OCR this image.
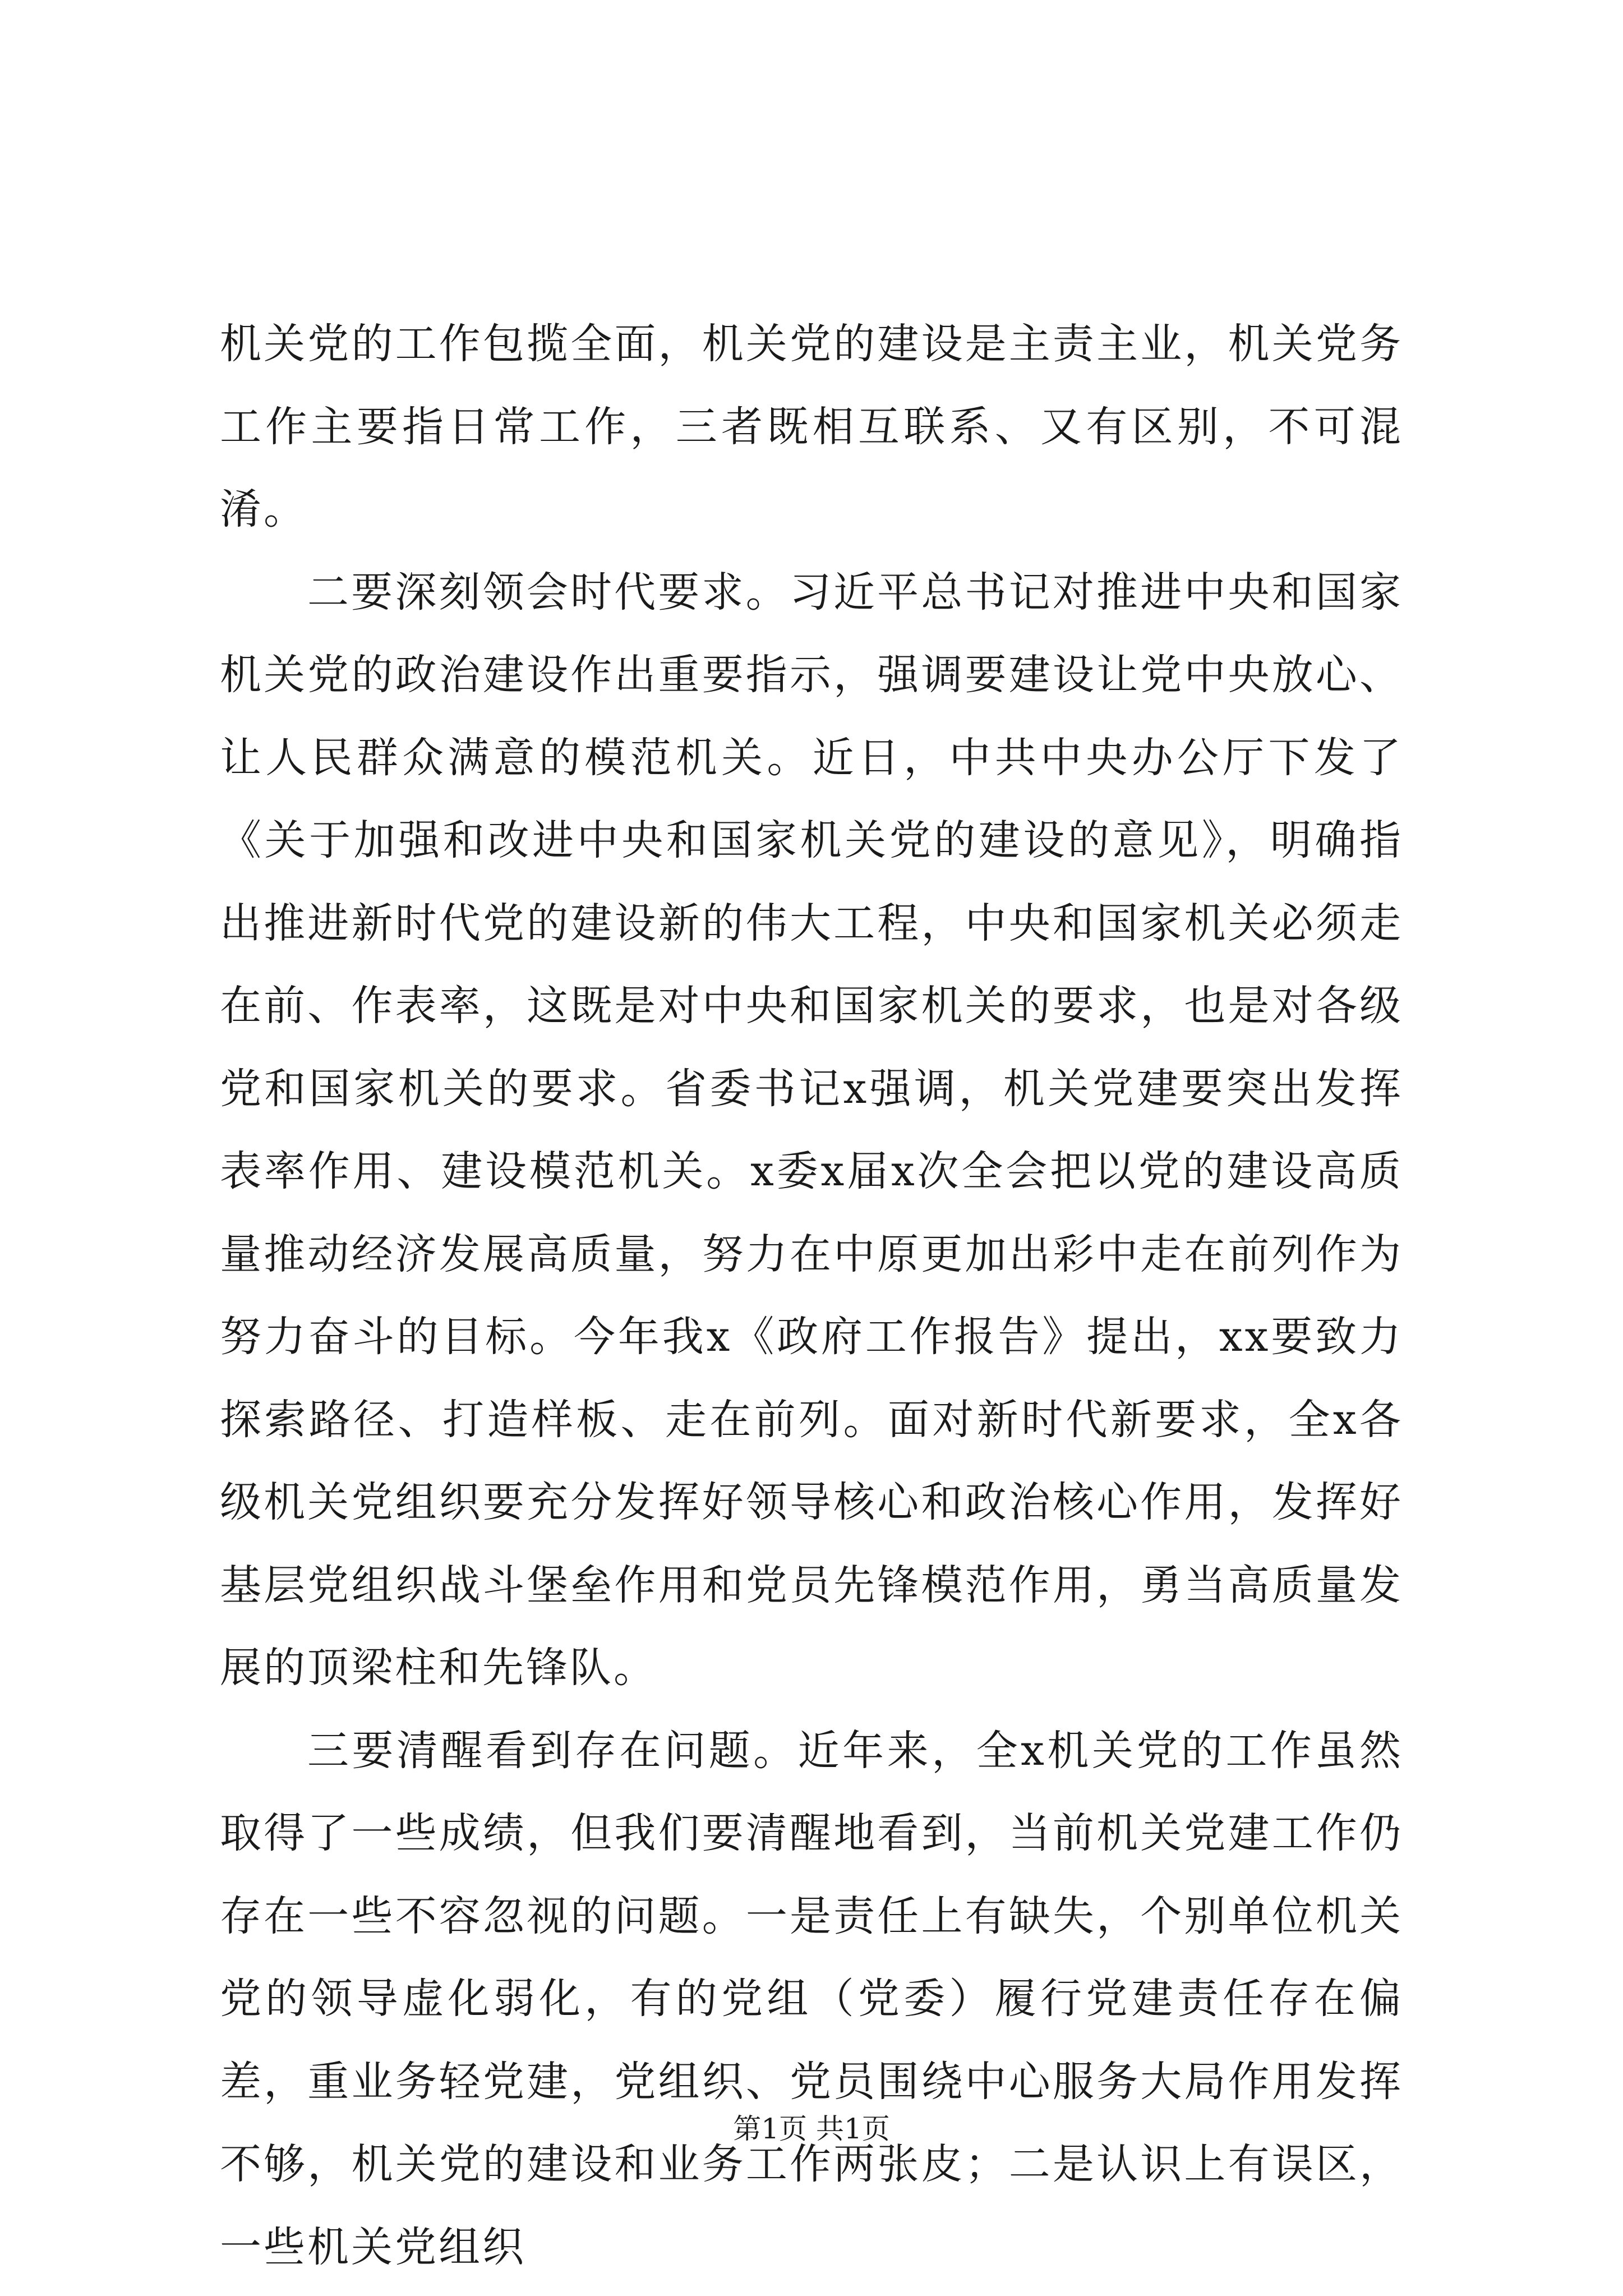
机关党的工作包揽全面，机关党的建设是主责主业，机关党务工作主要指日常工作，三者既相互联系、又有区别，不可混淆。

二要深刻领会时代要求。习近平总书记对推进中央和国家机关党的政治建设作出重要指示，强调要建设让党中央放心、让人民群众满意的模范机关。近日，中共中央办公厅下发了《关于加强和改进中央和国家机关党的建设的意见》，明确指出推进新时代党的建设新的伟大工程，中央和国家机关必须走在前、作表率，这既是对中央和国家机关的要求，也是对各级党和国家机关的要求。省委书记x强调，机关党建要突出发挥表率作用、建设模范机关。x委x届x次全会把以党的建设高质量推动经济发展高质量，努力在中原更加出彩中走在前列作为努力奋斗的目标。今年我x《政府工作报告》提出，xx要致力探索路径、打造样板、走在前列。面对新时代新要求，全x各级机关党组织要充分发挥好领导核心和政治核心作用，发挥好基层党组织战斗堡垒作用和党员先锋模范作用，勇当高质量发展的顶梁柱和先锋队。

三要清醒看到存在问题。近年来，全x机关党的工作虽然取得了一些成绩，但我们要清醒地看到，当前机关党建工作仍存在一些不容忽视的问题。一是责任上有缺失，个别单位机关党的领导虚化弱化，有的党组（党委）履行党建责任存在偏差，重业务轻党建，党组织、党员围绕中心服务大局作用发挥不够，机关党的建设和业务工作两张皮；二是认识上有误区，一些机关党组织

第1页 共1页
